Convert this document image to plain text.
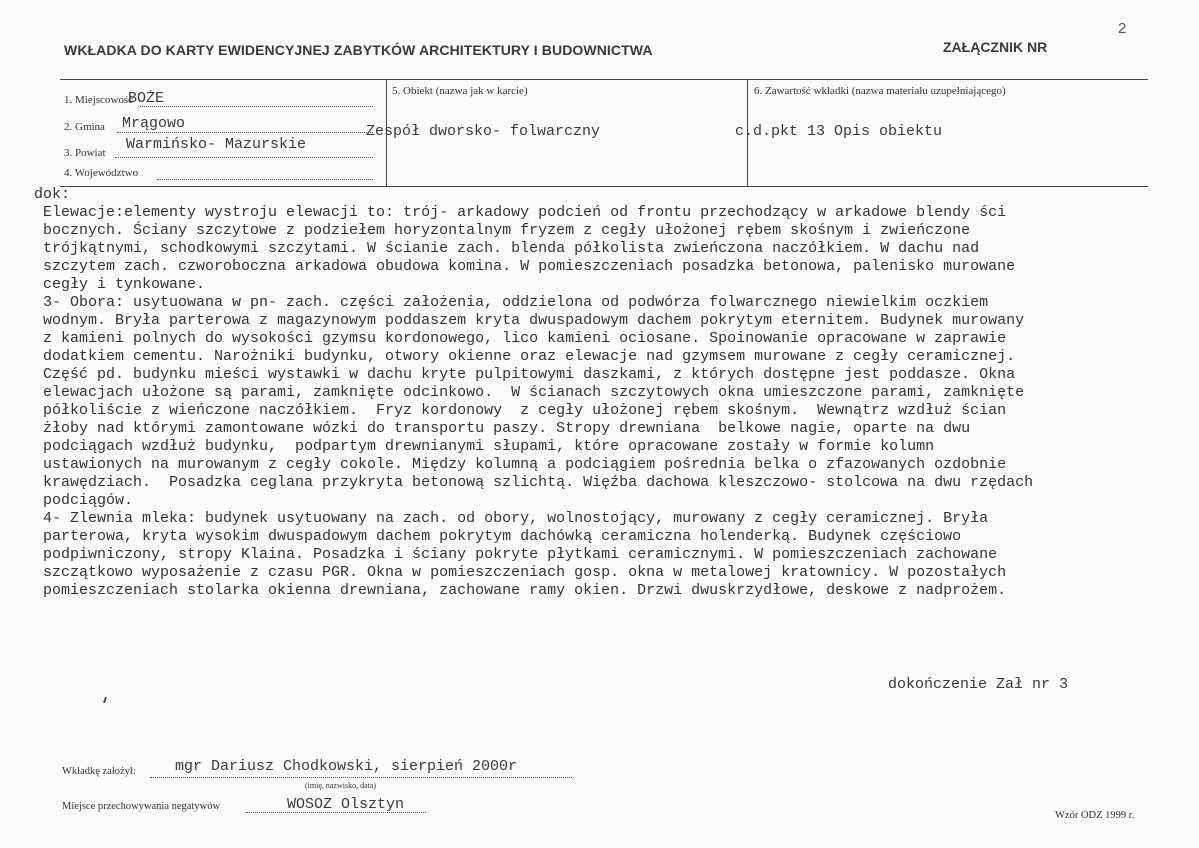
WKŁADKA DO KARTY EWIDENCYJNEJ ZABYTKÓW ARCHITEKTURY I BUDOWNICTWA	ZAŁĄCZNIK NR
2
1. Miejscowość
BOŻE
2. Gmina Mrągowo
3. Powiat Warmińsko- Mazurskie
4. Województwo
5. Obiekt (nazwa jak w karcie)
Zespół dworsko- folwarczny
6. Zawartość wkładki (nazwa materiału uzupełniającego)
c.d.pkt 13 Opis obiektu
dok:
Elewacje:elementy wystroju elewacji to: trój- arkadowy podcień od frontu przechodzący w arkadowe blendy ści
bocznych. Ściany szczytowe z podziełem horyzontalnym fryzem z cegły ułożonej rębem skośnym i zwieńczone
trójkątnymi, schodkowymi szczytami. W ścianie zach. blenda półkolista zwieńczona naczółkiem. W dachu nad
szczytem zach. czworoboczna arkadowa obudowa komina. W pomieszczeniach posadzka betonowa, palenisko murowane
cegły i tynkowane.
3- Obora: usytuowana w pn- zach. części założenia, oddzielona od podwórza folwarcznego niewielkim oczkiem
wodnym. Bryła parterowa z magazynowym poddaszem kryta dwuspadowym dachem pokrytym eternitem. Budynek murowany
z kamieni polnych do wysokości gzymsu kordonowego, lico kamieni ociosane. Spoinowanie opracowane w zaprawie
dodatkiem cementu. Narożniki budynku, otwory okienne oraz elewacje nad gzymsem murowane z cegły ceramicznej.
Część pd. budynku mieści wystawki w dachu kryte pulpitowymi daszkami, z których dostępne jest poddasze. Okna
elewacjach ułożone są parami, zamknięte odcinkowo.  W ścianach szczytowych okna umieszczone parami, zamknięte
półkoliście z wieńczone naczółkiem.  Fryz kordonowy  z cegły ułożonej rębem skośnym.  Wewnątrz wzdłuż ścian
żłoby nad którymi zamontowane wózki do transportu paszy. Stropy drewniana  belkowe nagie, oparte na dwu
podciągach wzdłuż budynku,  podpartym drewnianymi słupami, które opracowane zostały w formie kolumn
ustawionych na murowanym z cegły cokole. Między kolumną a podciągiem pośrednia belka o zfazowanych ozdobnie
krawędziach.  Posadzka ceglana przykryta betonową szlichtą. Więźba dachowa kleszczowo- stolcowa na dwu rzędach
podciągów.
4- Zlewnia mleka: budynek usytuowany na zach. od obory, wolnostojący, murowany z cegły ceramicznej. Bryła
parterowa, kryta wysokim dwuspadowym dachem pokrytym dachówką ceramiczna holenderką. Budynek częściowo
podpiwniczony, stropy Klaina. Posadzka i ściany pokryte płytkami ceramicznymi. W pomieszczeniach zachowane
szczątkowo wyposażenie z czasu PGR. Okna w pomieszczeniach gosp. okna w metalowej kratownicy. W pozostałych
pomieszczeniach stolarka okienna drewniana, zachowane ramy okien. Drzwi dwuskrzydłowe, deskowe z nadprożem.
dokończenie Zał nr 3
Wkładkę założył:	mgr Dariusz Chodkowski, sierpień 2000r
(imię, nazwisko, data)
Miejsce przechowywania negatywów	WOSOZ Olsztyn
Wzór ODZ 1999 r.
